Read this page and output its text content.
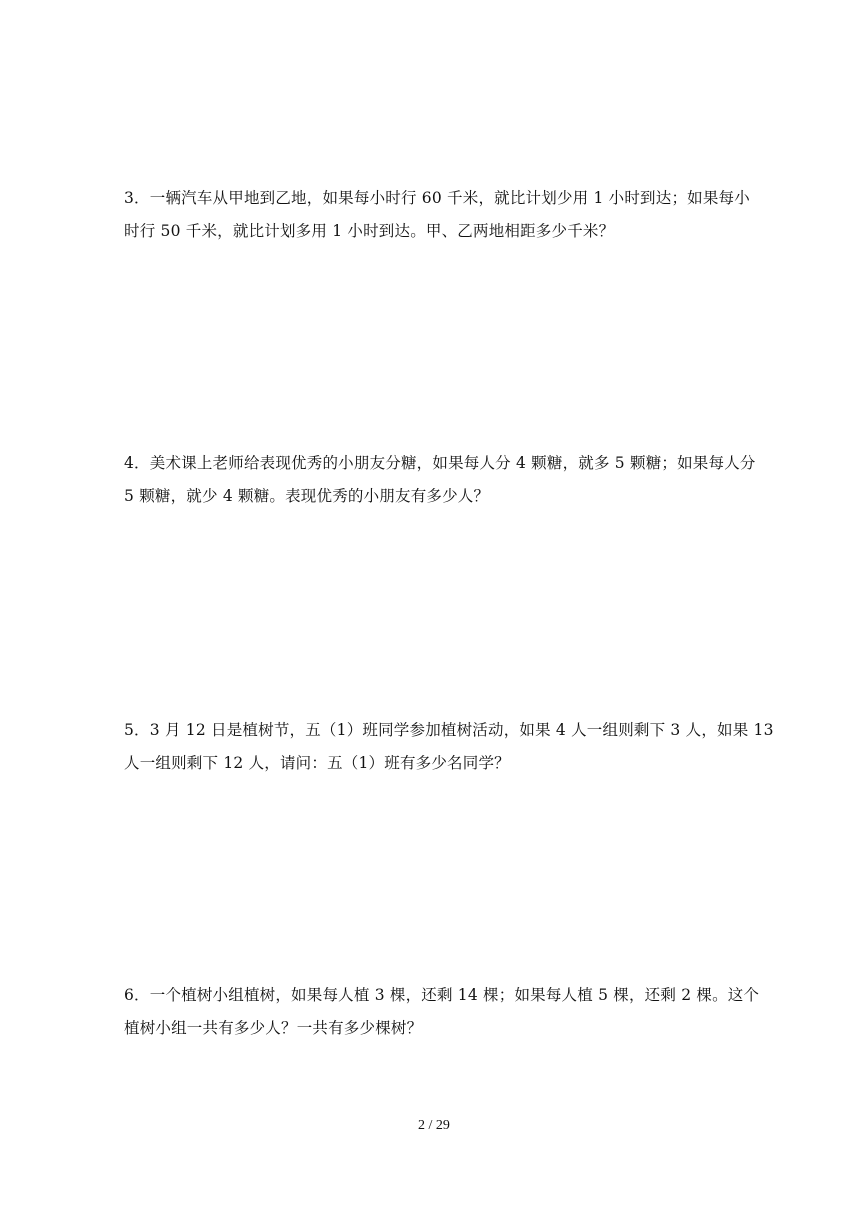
3．一辆汽车从甲地到乙地，如果每小时行 60 千米，就比计划少用 1 小时到达；如果每小

时行 50 千米，就比计划多用 1 小时到达。甲、乙两地相距多少千米？

4．美术课上老师给表现优秀的小朋友分糖，如果每人分 4 颗糖，就多 5 颗糖；如果每人分

5 颗糖，就少 4 颗糖。表现优秀的小朋友有多少人？

5．3 月 12 日是植树节，五（1）班同学参加植树活动，如果 4 人一组则剩下 3 人，如果 13

人一组则剩下 12 人，请问：五（1）班有多少名同学？

6．一个植树小组植树，如果每人植 3 棵，还剩 14 棵；如果每人植 5 棵，还剩 2 棵。这个

植树小组一共有多少人？一共有多少棵树？

2 / 29
